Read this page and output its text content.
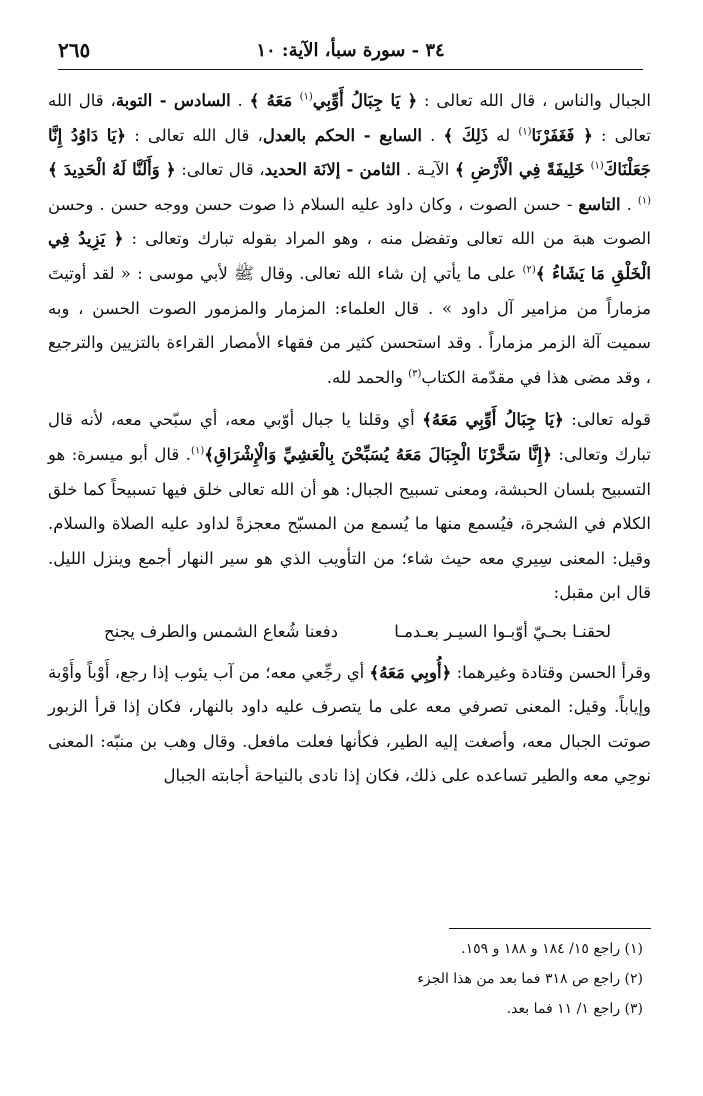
٢٦٥	٣٤ - سورة سبأ، الآية: ١٠

الجبال والناس ، قال الله تعالى : ﴿ يَا جِبَالُ أَوِّبِي$^{(١)}$ مَعَهُ ﴾ . السادس - التوبة، قال الله تعالى : ﴿ فَغَفَرْنَا$^{(١)}$ له ذَلِكَ ﴾ . السابع - الحكم بالعدل، قال الله تعالى : ﴿يَا دَاوُدُ إِنَّا جَعَلْنَاكَ$^{(١)}$ خَلِيفَةً فِي الْأَرْضِ ﴾ الآيـة . الثامن - إلانَة الحديد، قال تعالى: ﴿ وَأَلَنَّا لَهُ الْحَدِيدَ ﴾$^{(١)}$ . التاسع - حسن الصوت ، وكان داود عليه السلام ذا صوت حسن ووجه حسن . وحسن الصوت هبة من الله تعالى وتفضل منه ، وهو المراد بقوله تبارك وتعالى : ﴿ يَزِيدُ فِي الْخَلْقِ مَا يَشَاءُ ﴾$^{(٢)}$ على ما يأتي إن شاء الله تعالى. وقال ﷺ لأبي موسى : « لقد أوتيتَ مزماراً من مزامير آل داود » . قال العلماء: المزمار والمزمور الصوت الحسن ، وبه سميت آلة الزمر مزماراً . وقد استحسن كثير من فقهاء الأمصار القراءة بالتزيين والترجيع ، وقد مضى هذا في مقدّمة الكتاب$^{(٣)}$ والحمد لله.

قوله تعالى: ﴿يَا جِبَالُ أَوِّبِي مَعَهُ﴾ أي وقلنا يا جبال أوّبي معه، أي سبّحي معه، لأنه قال تبارك وتعالى: ﴿إِنَّا سَخَّرْنَا الْجِبَالَ مَعَهُ يُسَبِّحْنَ بِالْعَشِيِّ وَالْإِشْرَاقِ﴾$^{(١)}$. قال أبو ميسرة: هو التسبيح بلسان الحبشة، ومعنى تسبيح الجبال: هو أن الله تعالى خلق فيها تسبيحاً كما خلق الكلام في الشجرة، فيُسمع منها ما يُسمع من المسبّح معجزةً لداود عليه الصلاة والسلام. وقيل: المعنى سِيري معه حيث شاء؛ من التأويب الذي هو سير النهار أجمع وينزل الليل. قال ابن مقبل:

لحقنـا بحـيّ أوّبـوا السيـر بعـدمـا
دفعنا شُعاع الشمس والطرف يجنح

وقرأ الحسن وقتادة وغيرهما: ﴿أُوبِي مَعَهُ﴾ أي رجِّعي معه؛ من آب يئوب إذا رجع، أَوْباً وأَوْبة وإياباً. وقيل: المعنى تصرفي معه على ما يتصرف عليه داود بالنهار، فكان إذا قرأ الزبور صوتت الجبال معه، وأصغت إليه الطير، فكأنها فعلت مافعل. وقال وهب بن منبّه: المعنى نوحِي معه والطير تساعده على ذلك، فكان إذا نادى بالنياحة أجابته الجبال

(١) راجع ١٥/ ١٨٤ و ١٨٨ و ١٥٩.
(٢) راجع ص ٣١٨ فما بعد من هذا الجزء
(٣) راجع ١/ ١١ فما بعد.
